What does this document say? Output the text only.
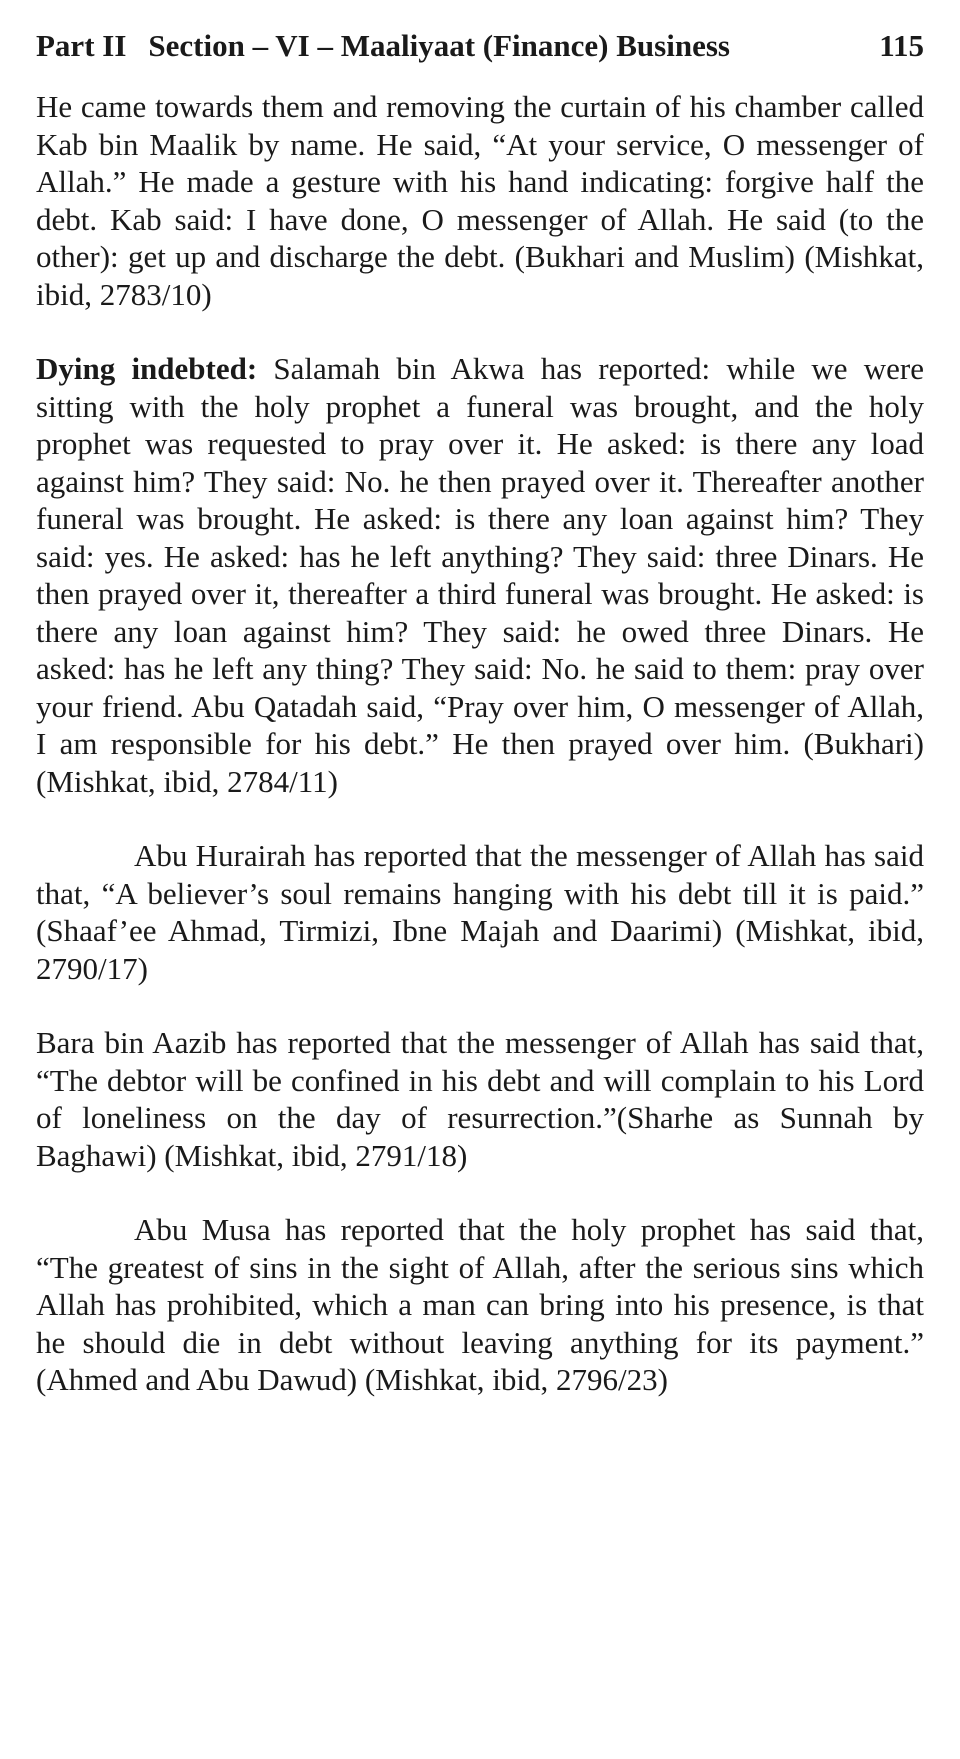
Part II Section – VI – Maaliyaat (Finance) Business	115

He came towards them and removing the curtain of his chamber called Kab bin Maalik by name. He said, “At your service, O messenger of Allah.” He made a gesture with his hand indicating: forgive half the debt. Kab said: I have done, O messenger of Allah. He said (to the other): get up and discharge the debt. (Bukhari and Muslim) (Mishkat, ibid, 2783/10)

Dying indebted: Salamah bin Akwa has reported: while we were sitting with the holy prophet a funeral was brought, and the holy prophet was requested to pray over it. He asked: is there any load against him? They said: No. he then prayed over it. Thereafter another funeral was brought. He asked: is there any loan against him? They said: yes. He asked: has he left anything? They said: three Dinars. He then prayed over it, thereafter a third funeral was brought. He asked: is there any loan against him? They said: he owed three Dinars. He asked: has he left any thing? They said: No. he said to them: pray over your friend. Abu Qatadah said, “Pray over him, O messenger of Allah, I am responsible for his debt.” He then prayed over him. (Bukhari) (Mishkat, ibid, 2784/11)

Abu Hurairah has reported that the messenger of Allah has said that, “A believer’s soul remains hanging with his debt till it is paid.” (Shaaf’ee Ahmad, Tirmizi, Ibne Majah and Daarimi) (Mishkat, ibid, 2790/17)

Bara bin Aazib has reported that the messenger of Allah has said that, “The debtor will be confined in his debt and will complain to his Lord of loneliness on the day of resurrection.”(Sharhe as Sunnah by Baghawi) (Mishkat, ibid, 2791/18)

Abu Musa has reported that the holy prophet has said that, “The greatest of sins in the sight of Allah, after the serious sins which Allah has prohibited, which a man can bring into his presence, is that he should die in debt without leaving anything for its payment.” (Ahmed and Abu Dawud) (Mishkat, ibid, 2796/23)
